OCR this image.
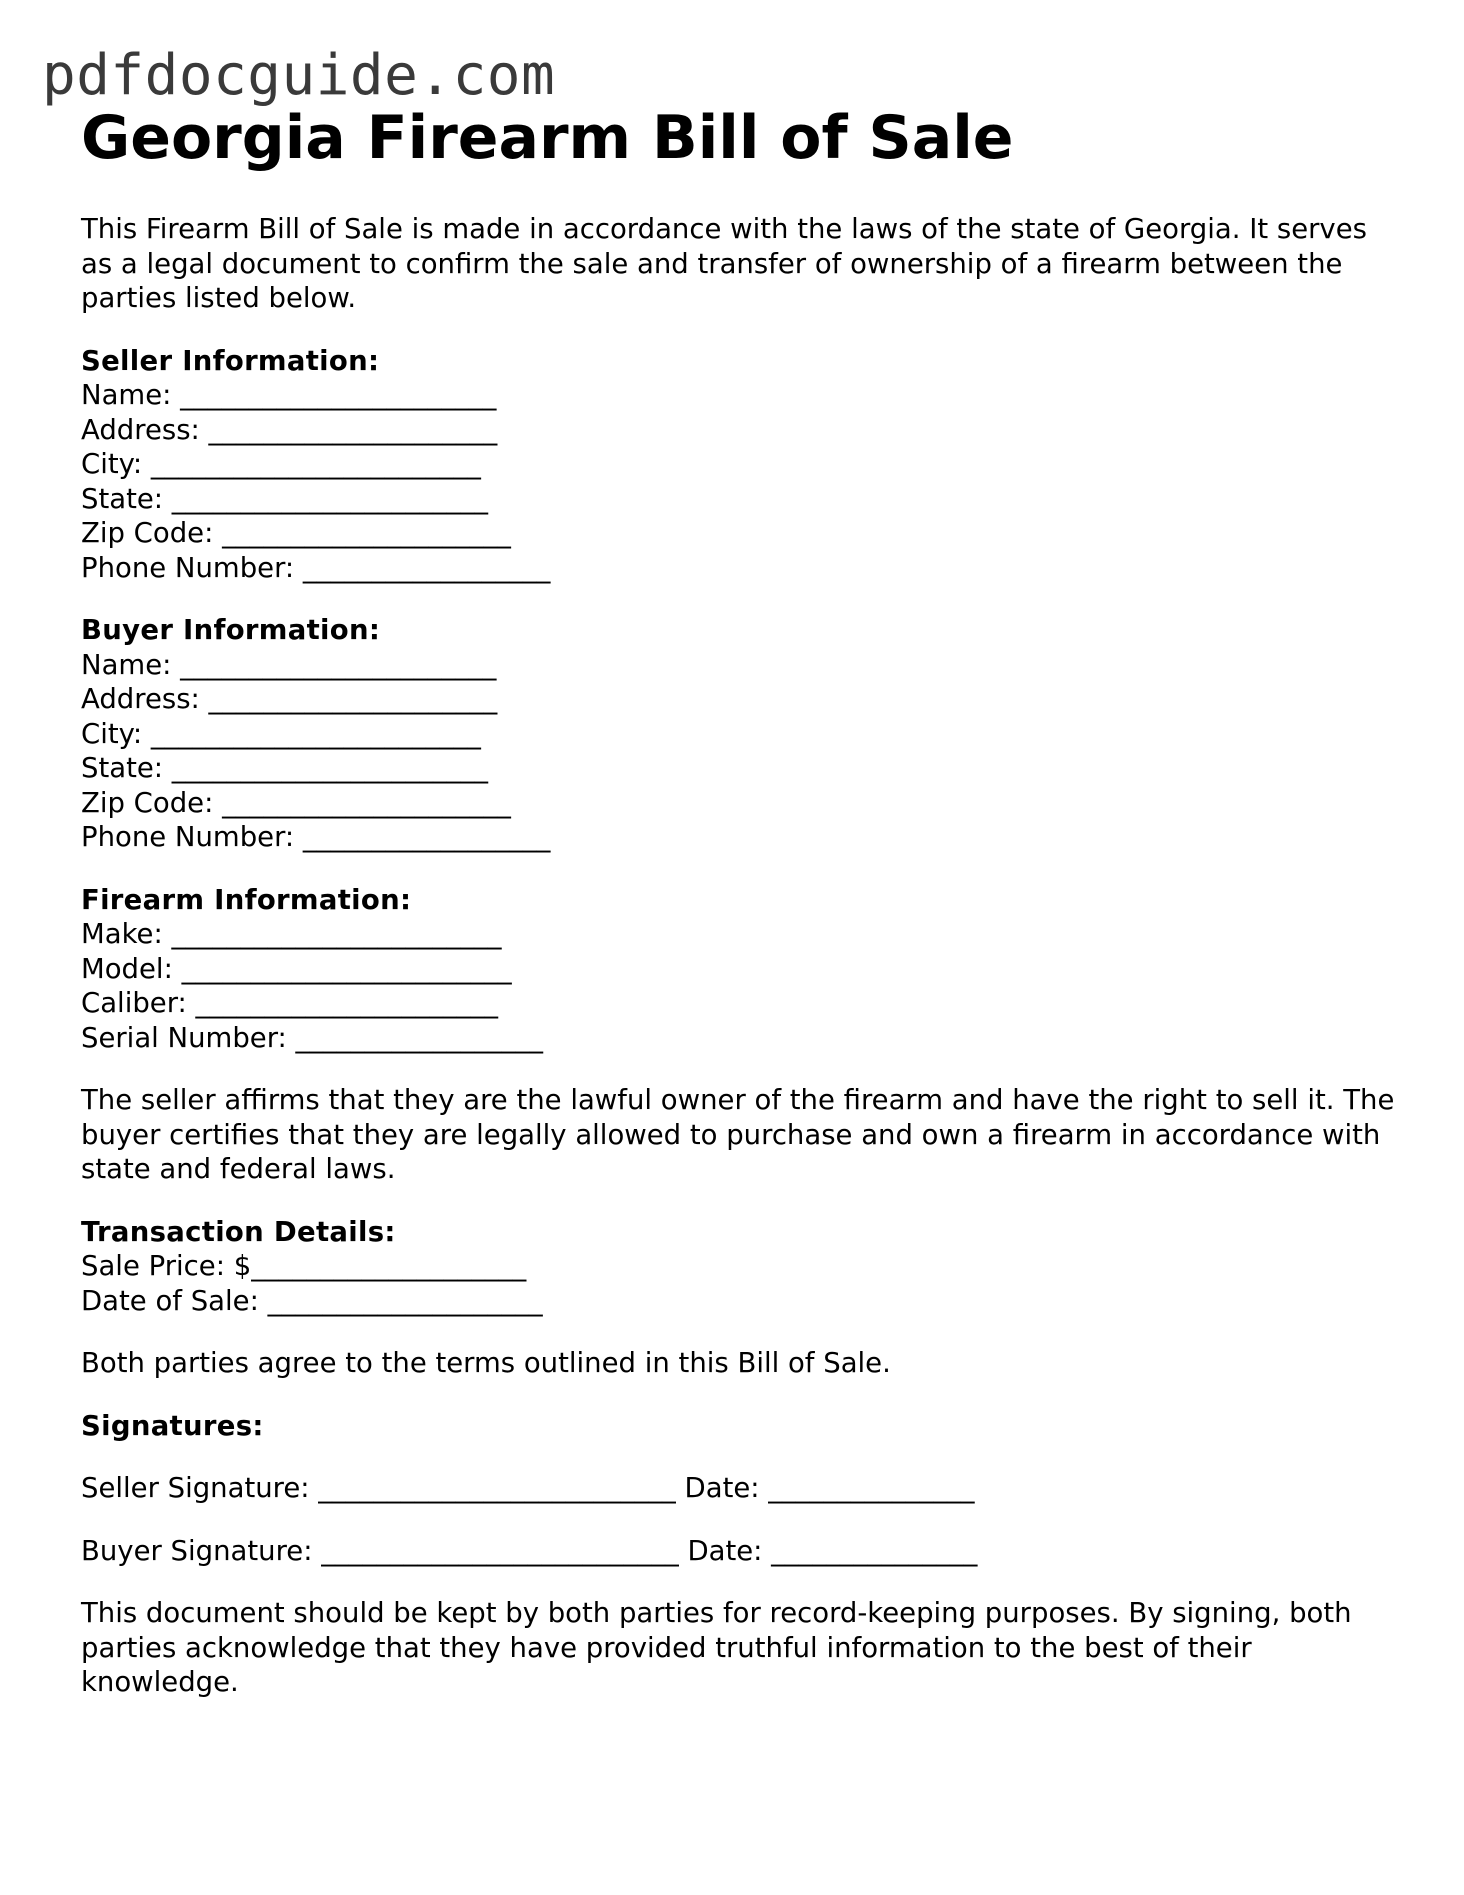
pdfdocguide.com
Georgia Firearm Bill of Sale

This Firearm Bill of Sale is made in accordance with the laws of the state of Georgia. It serves as a legal document to confirm the sale and transfer of ownership of a firearm between the parties listed below.

Seller Information:

Name: _______________________

Address: _____________________

City: ________________________

State: _______________________

Zip Code: _____________________

Phone Number: __________________

Buyer Information:

Name: _______________________

Address: _____________________

City: ________________________

State: _______________________

Zip Code: _____________________

Phone Number: __________________

Firearm Information:

Make: ________________________

Model: ________________________

Caliber: ______________________

Serial Number: __________________

The seller affirms that they are the lawful owner of the firearm and have the right to sell it. The buyer certifies that they are legally allowed to purchase and own a firearm in accordance with state and federal laws.

Transaction Details:

Sale Price: $____________________

Date of Sale: ____________________

Both parties agree to the terms outlined in this Bill of Sale.

Signatures:

Seller Signature: __________________________ Date: _______________
Buyer Signature: __________________________ Date: _______________

This document should be kept by both parties for record-keeping purposes. By signing, both parties acknowledge that they have provided truthful information to the best of their knowledge.
